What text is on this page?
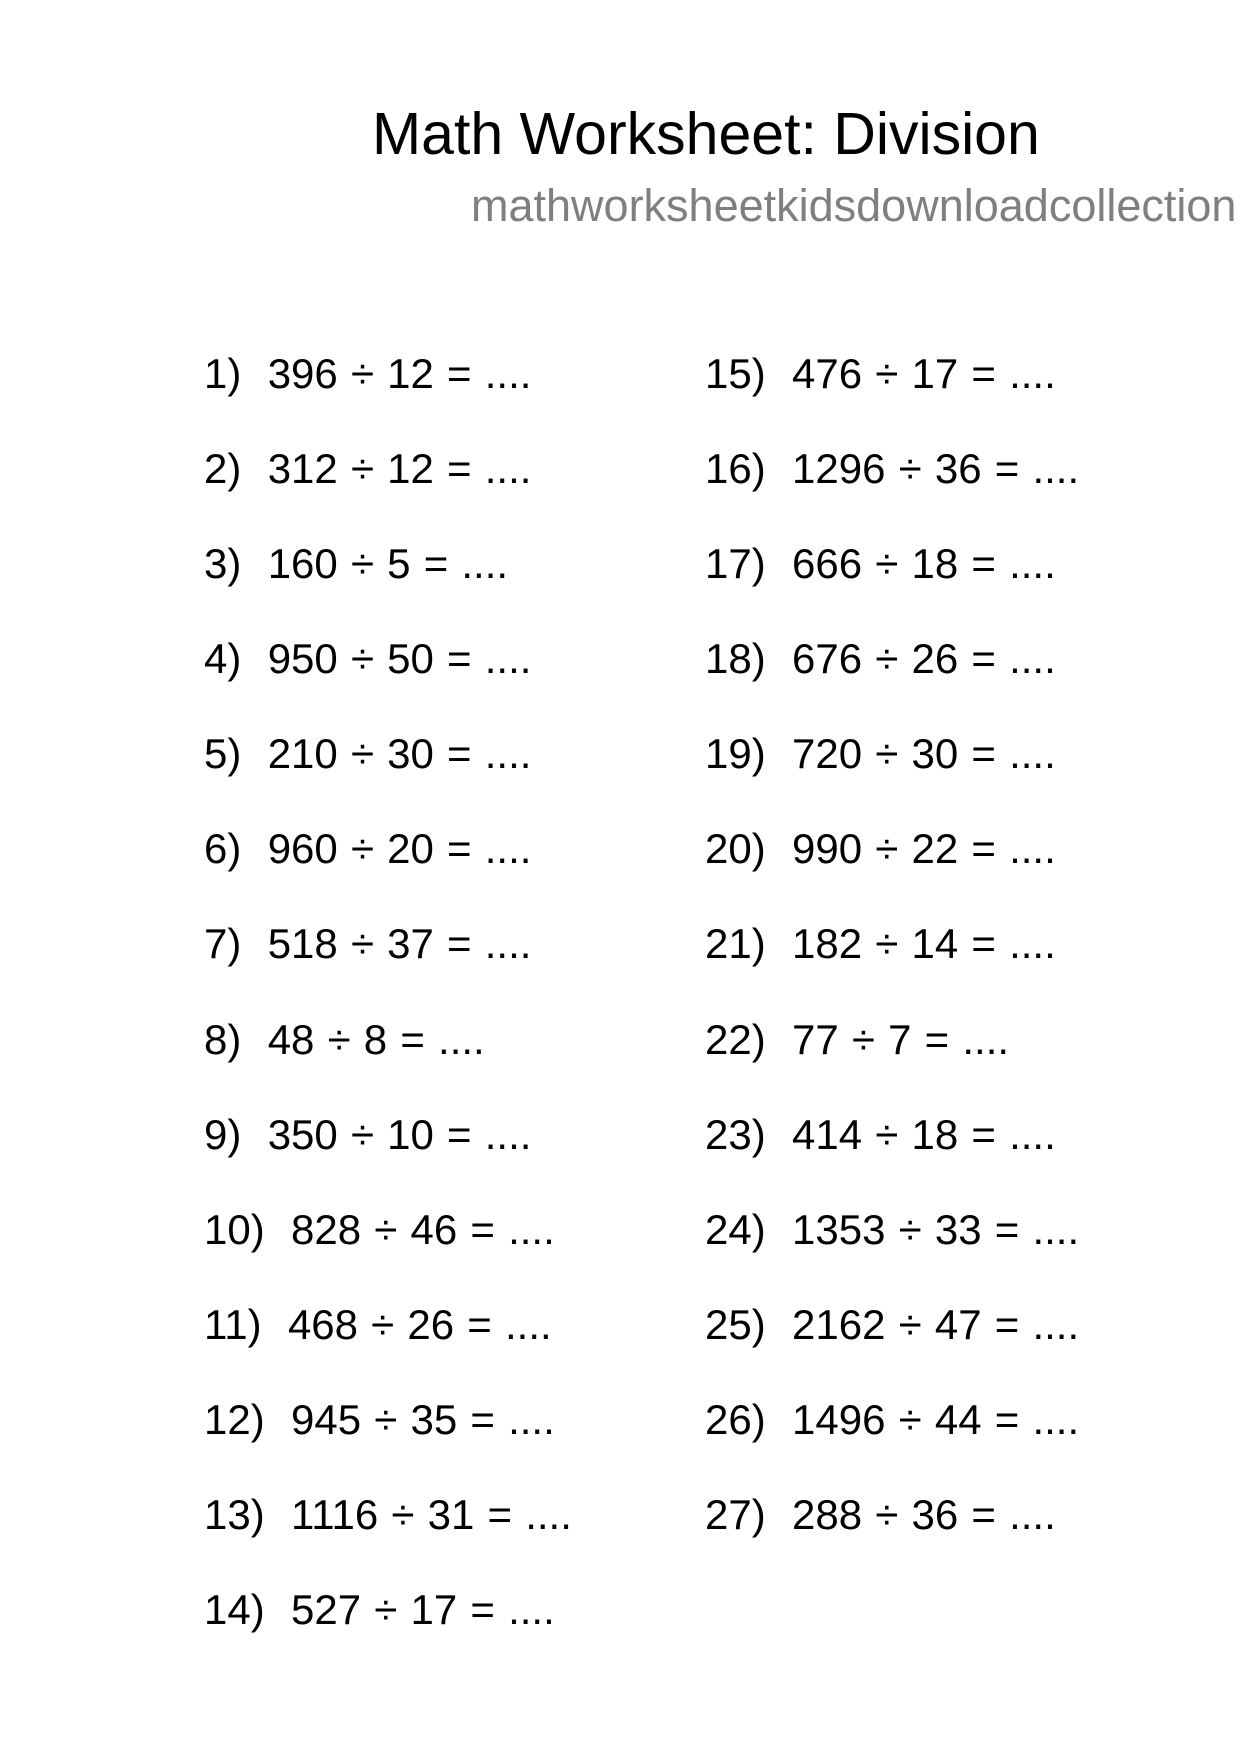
Math Worksheet: Division
mathworksheetkidsdownloadcollection
1) 396 ÷ 12 = ....
2) 312 ÷ 12 = ....
3) 160 ÷ 5 = ....
4) 950 ÷ 50 = ....
5) 210 ÷ 30 = ....
6) 960 ÷ 20 = ....
7) 518 ÷ 37 = ....
8) 48 ÷ 8 = ....
9) 350 ÷ 10 = ....
10) 828 ÷ 46 = ....
11) 468 ÷ 26 = ....
12) 945 ÷ 35 = ....
13) 1116 ÷ 31 = ....
14) 527 ÷ 17 = ....
15) 476 ÷ 17 = ....
16) 1296 ÷ 36 = ....
17) 666 ÷ 18 = ....
18) 676 ÷ 26 = ....
19) 720 ÷ 30 = ....
20) 990 ÷ 22 = ....
21) 182 ÷ 14 = ....
22) 77 ÷ 7 = ....
23) 414 ÷ 18 = ....
24) 1353 ÷ 33 = ....
25) 2162 ÷ 47 = ....
26) 1496 ÷ 44 = ....
27) 288 ÷ 36 = ....
